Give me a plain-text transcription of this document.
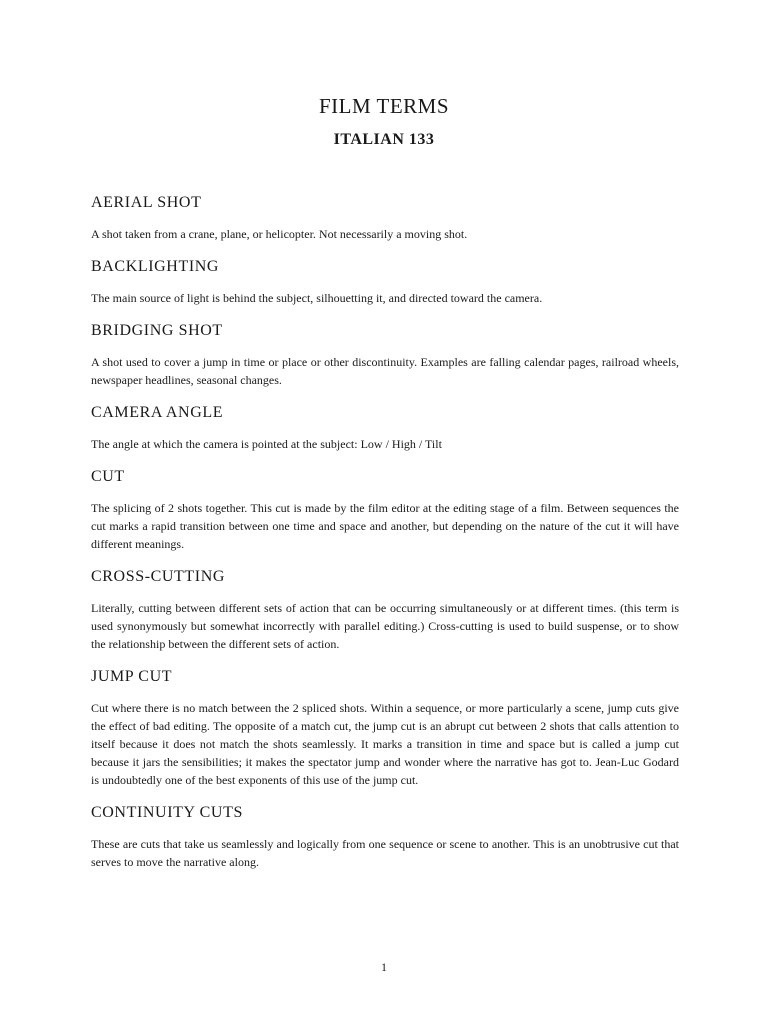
FILM TERMS
ITALIAN 133
AERIAL SHOT

A shot taken from a crane, plane, or helicopter. Not necessarily a moving shot.

BACKLIGHTING

The main source of light is behind the subject, silhouetting it, and directed toward the camera.

BRIDGING SHOT

A shot used to cover a jump in time or place or other discontinuity. Examples are falling calendar pages, railroad wheels, newspaper headlines, seasonal changes.

CAMERA ANGLE

The angle at which the camera is pointed at the subject: Low / High / Tilt

CUT

The splicing of 2 shots together. This cut is made by the film editor at the editing stage of a film. Between sequences the cut marks a rapid transition between one time and space and another, but depending on the nature of the cut it will have different meanings.

CROSS-CUTTING

Literally, cutting between different sets of action that can be occurring simultaneously or at different times. (this term is used synonymously but somewhat incorrectly with parallel editing.) Cross-cutting is used to build suspense, or to show the relationship between the different sets of action.

JUMP CUT

Cut where there is no match between the 2 spliced shots. Within a sequence, or more particularly a scene, jump cuts give the effect of bad editing. The opposite of a match cut, the jump cut is an abrupt cut between 2 shots that calls attention to itself because it does not match the shots seamlessly. It marks a transition in time and space but is called a jump cut because it jars the sensibilities; it makes the spectator jump and wonder where the narrative has got to. Jean-Luc Godard is undoubtedly one of the best exponents of this use of the jump cut.

CONTINUITY CUTS

These are cuts that take us seamlessly and logically from one sequence or scene to another. This is an unobtrusive cut that serves to move the narrative along.

1
